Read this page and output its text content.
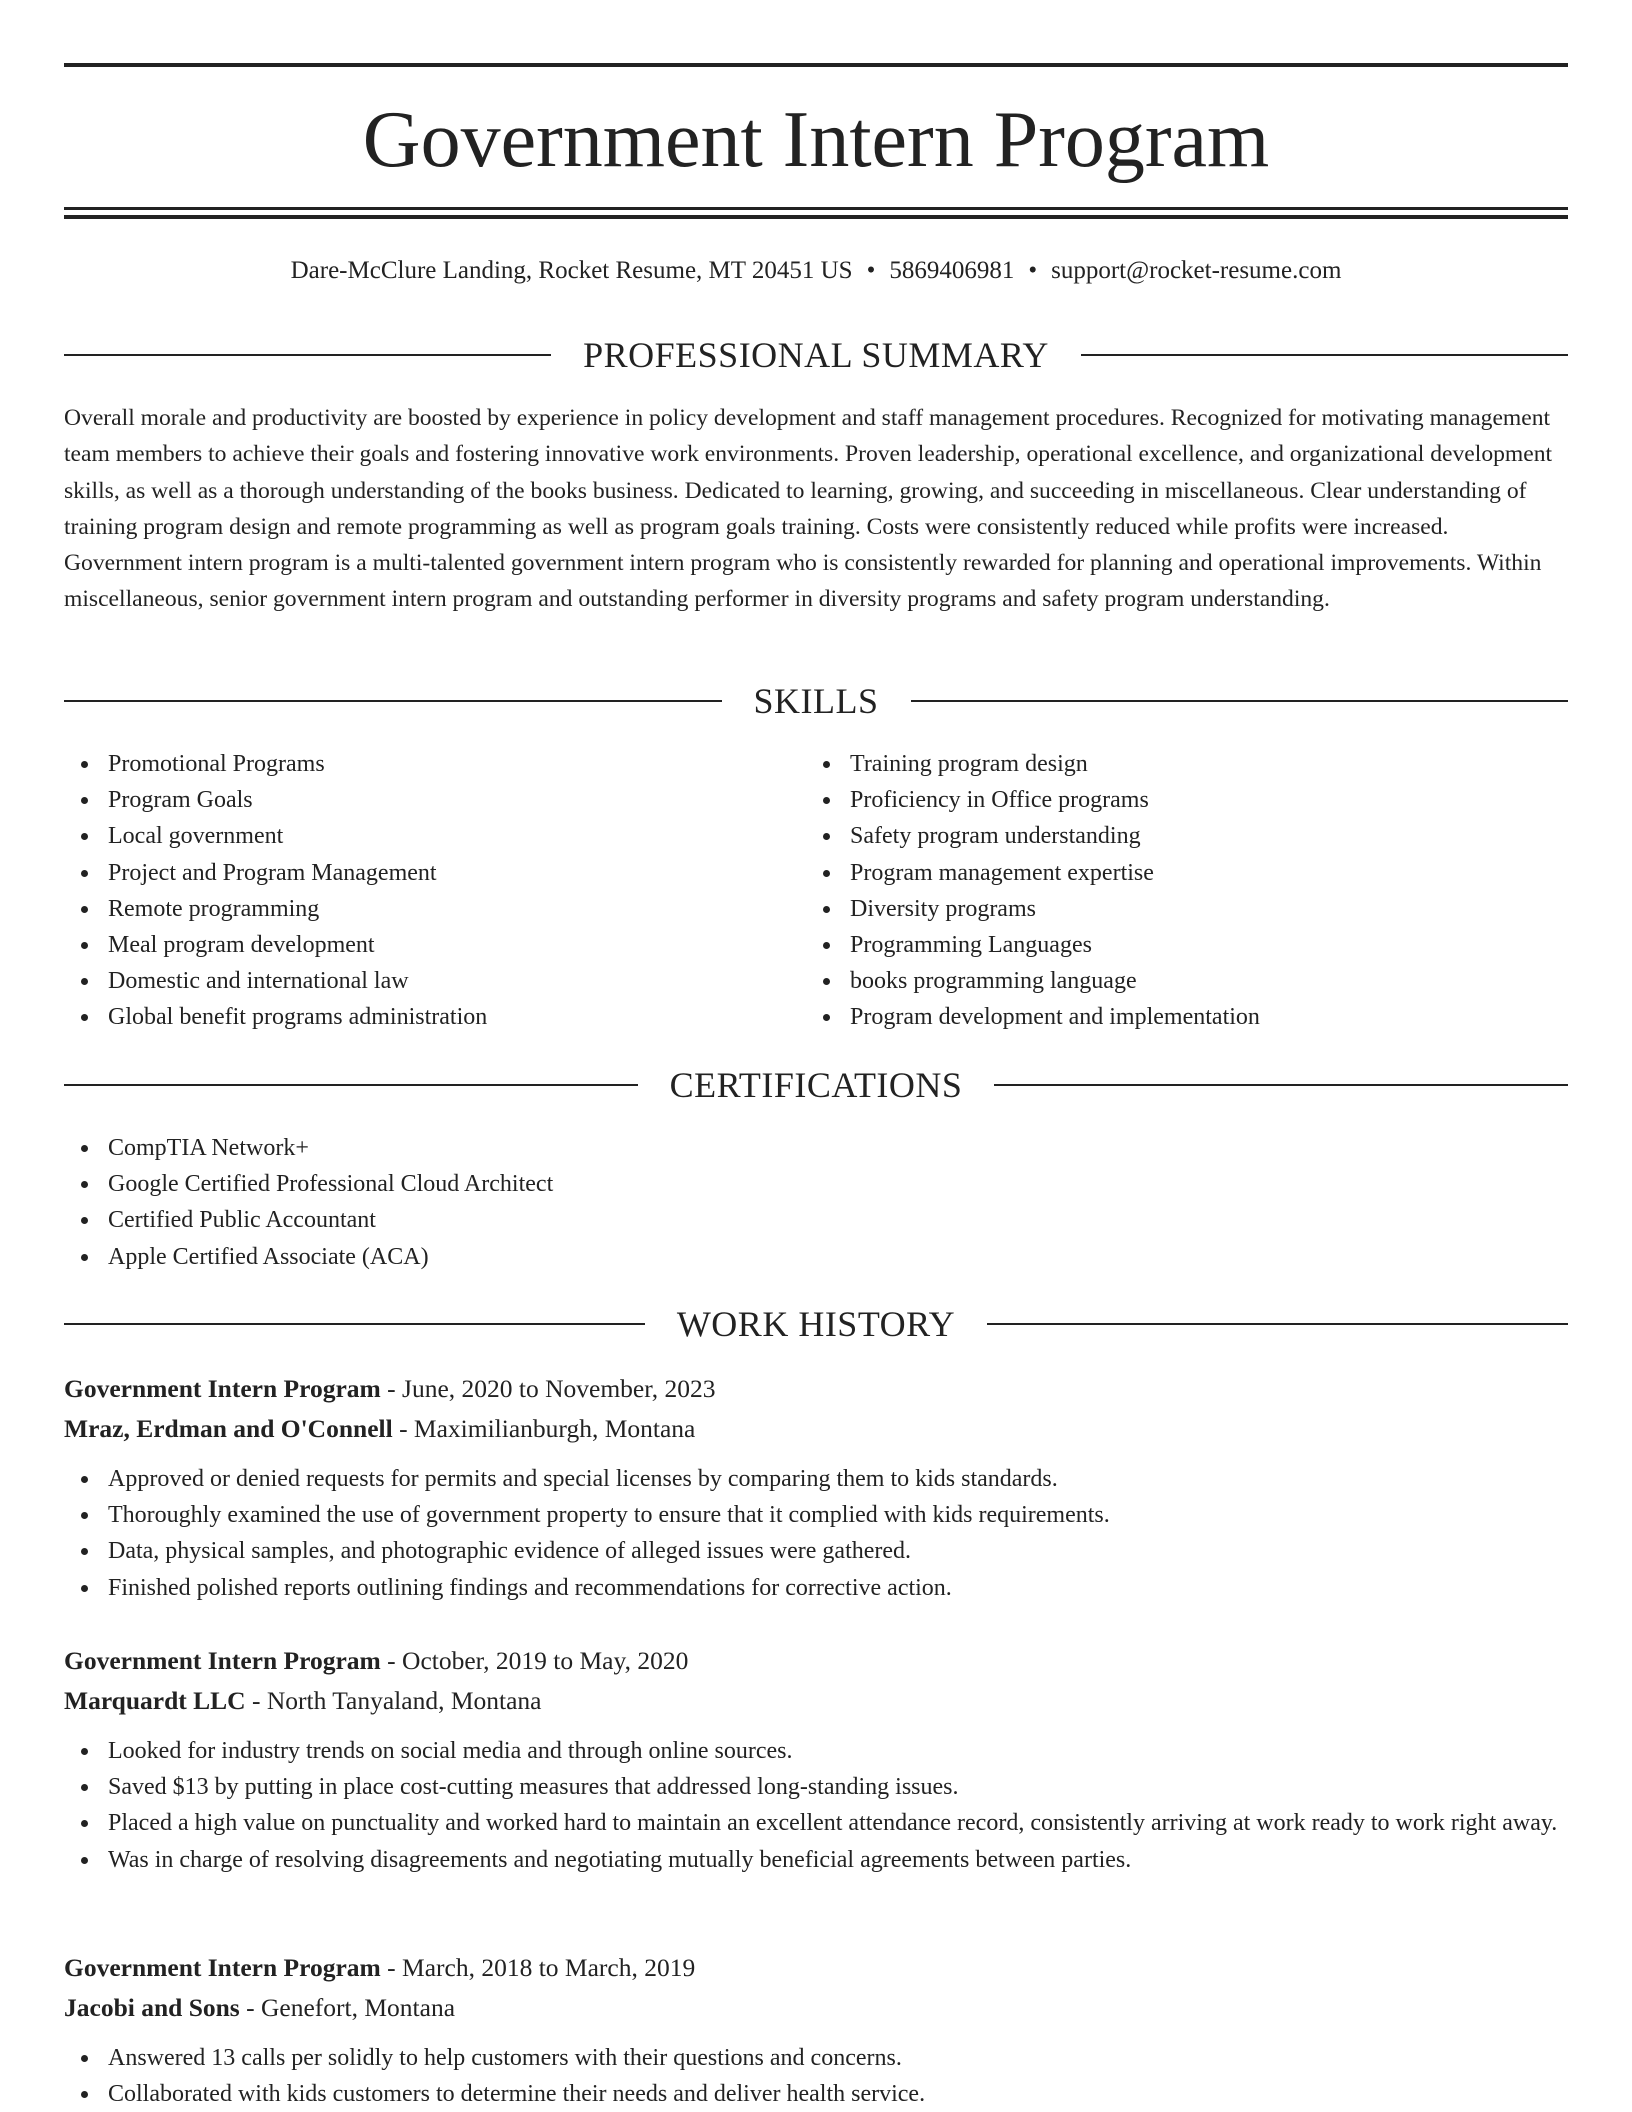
Government Intern Program
Dare-McClure Landing, Rocket Resume, MT 20451 US • 5869406981 • support@rocket-resume.com
PROFESSIONAL SUMMARY
Overall morale and productivity are boosted by experience in policy development and staff management procedures. Recognized for motivating management team members to achieve their goals and fostering innovative work environments. Proven leadership, operational excellence, and organizational development skills, as well as a thorough understanding of the books business. Dedicated to learning, growing, and succeeding in miscellaneous. Clear understanding of training program design and remote programming as well as program goals training. Costs were consistently reduced while profits were increased. Government intern program is a multi-talented government intern program who is consistently rewarded for planning and operational improvements. Within miscellaneous, senior government intern program and outstanding performer in diversity programs and safety program understanding.
SKILLS
Promotional Programs
Program Goals
Local government
Project and Program Management
Remote programming
Meal program development
Domestic and international law
Global benefit programs administration
Training program design
Proficiency in Office programs
Safety program understanding
Program management expertise
Diversity programs
Programming Languages
books programming language
Program development and implementation
CERTIFICATIONS
CompTIA Network+
Google Certified Professional Cloud Architect
Certified Public Accountant
Apple Certified Associate (ACA)
WORK HISTORY
Government Intern Program - June, 2020 to November, 2023
Mraz, Erdman and O'Connell - Maximilianburgh, Montana
Approved or denied requests for permits and special licenses by comparing them to kids standards.
Thoroughly examined the use of government property to ensure that it complied with kids requirements.
Data, physical samples, and photographic evidence of alleged issues were gathered.
Finished polished reports outlining findings and recommendations for corrective action.
Government Intern Program - October, 2019 to May, 2020
Marquardt LLC - North Tanyaland, Montana
Looked for industry trends on social media and through online sources.
Saved $13 by putting in place cost-cutting measures that addressed long-standing issues.
Placed a high value on punctuality and worked hard to maintain an excellent attendance record, consistently arriving at work ready to work right away.
Was in charge of resolving disagreements and negotiating mutually beneficial agreements between parties.
Government Intern Program - March, 2018 to March, 2019
Jacobi and Sons - Genefort, Montana
Answered 13 calls per solidly to help customers with their questions and concerns.
Collaborated with kids customers to determine their needs and deliver health service.
